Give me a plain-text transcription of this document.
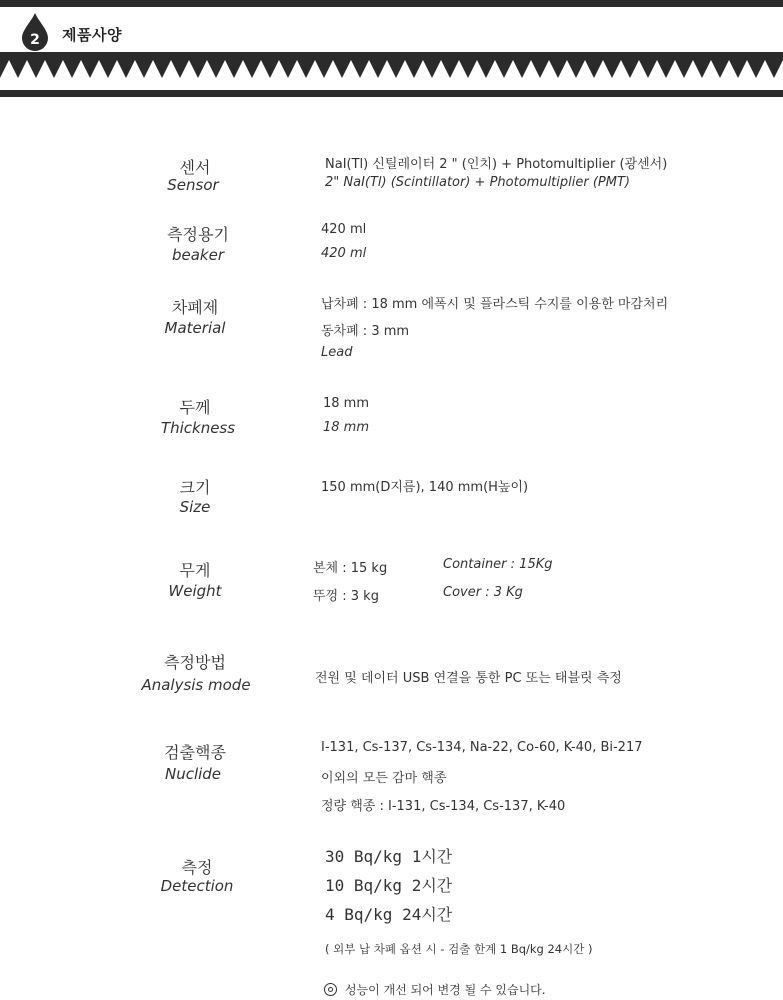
2 제품사양
센서
Sensor
NaI(Tl) 신틸레이터 2 " (인치) + Photomultiplier (광센서)
2" NaI(Tl) (Scintillator) + Photomultiplier (PMT)
측정용기
beaker
420 ml
420 ml
차폐제
Material
납차폐 : 18 mm 에폭시 및 플라스틱 수지를 이용한 마감처리
동차폐 : 3 mm
Lead
두께
Thickness
18 mm
18 mm
크기
Size
150 mm(D지름), 140 mm(H높이)
무게
Weight
본체 : 15 kg
뚜껑 : 3 kg
Container : 15Kg
Cover : 3 Kg
측정방법
Analysis mode	전원 및 데이터 USB 연결을 통한 PC 또는 태블릿 측정
검출핵종
Nuclide
I-131, Cs-137, Cs-134, Na-22, Co-60, K-40, Bi-217
이외의 모든 감마 핵종
정량 핵종 : I-131, Cs-134, Cs-137, K-40
측정
Detection
30 Bq/kg 1시간
10 Bq/kg 2시간
4 Bq/kg 24시간
( 외부 납 차폐 옵션 시 - 검출 한계 1 Bq/kg 24시간 )
성능이 개선 되어 변경 될 수 있습니다.
